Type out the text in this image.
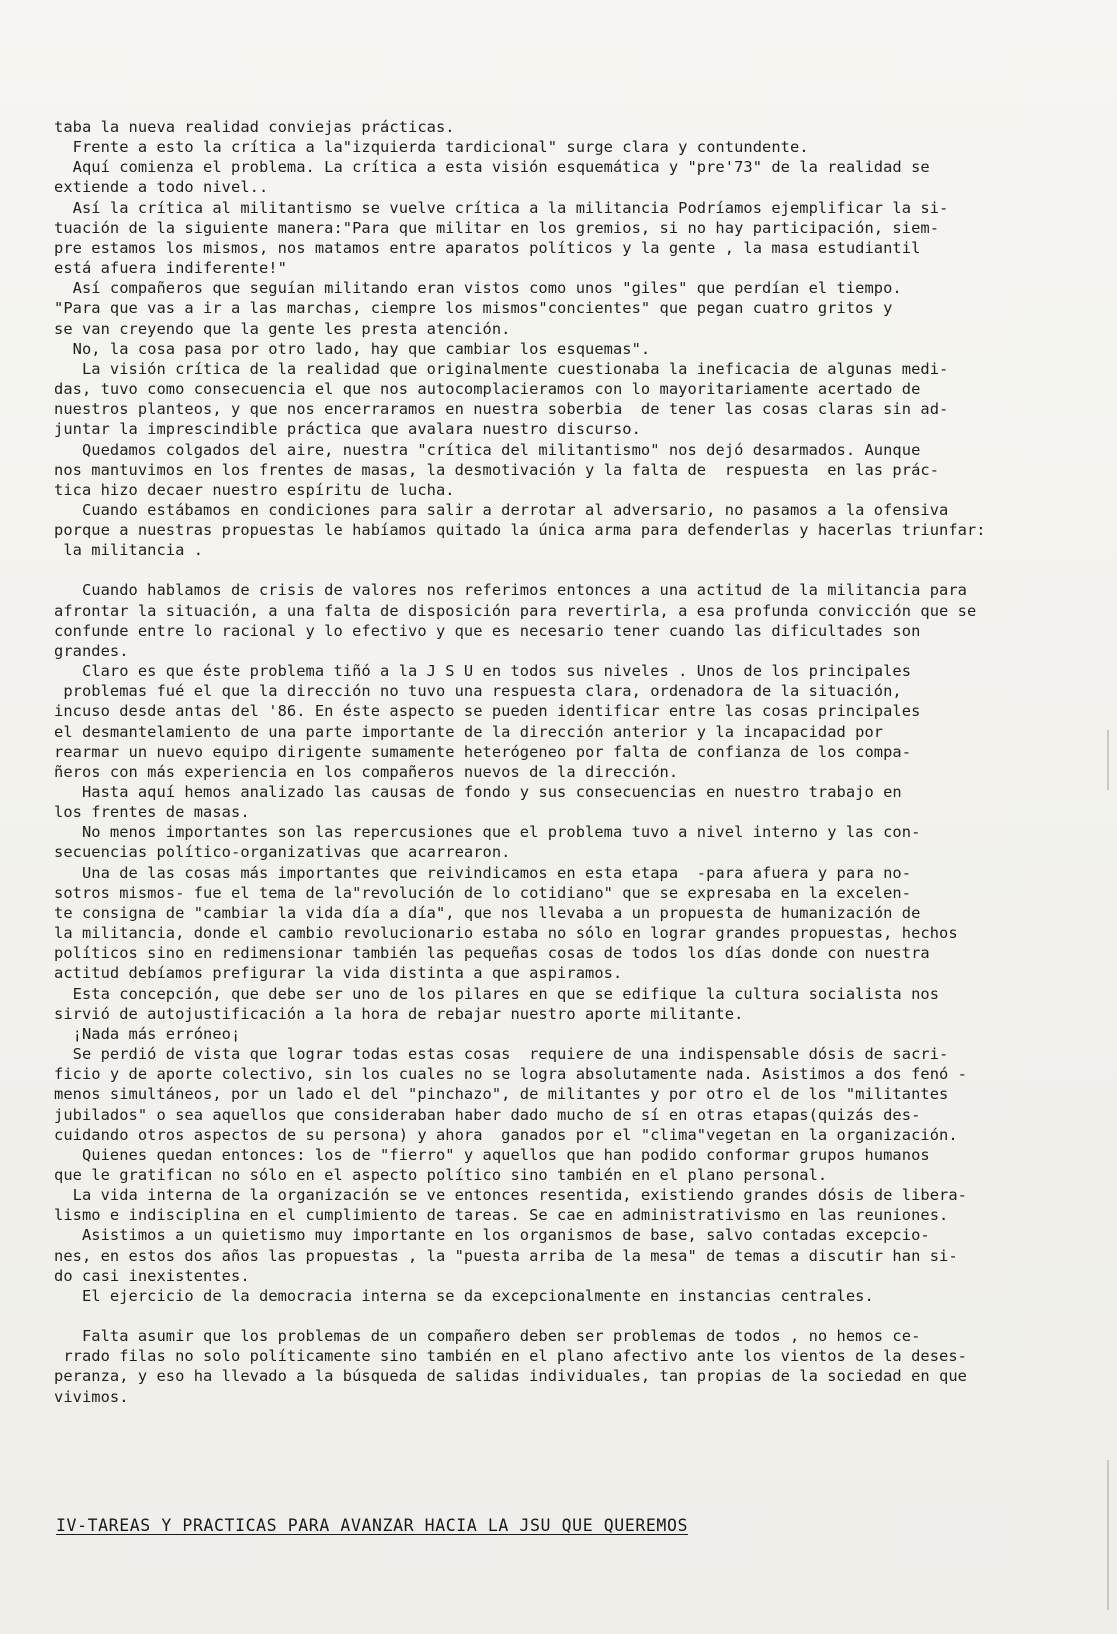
taba la nueva realidad conviejas prácticas.
Frente a esto la crítica a la"izquierda tardicional" surge clara y contundente.
Aquí comienza el problema. La crítica a esta visión esquemática y "pre'73" de la realidad se
extiende a todo nivel..
Así la crítica al militantismo se vuelve crítica a la militancia Podríamos ejemplificar la si-
tuación de la siguiente manera:"Para que militar en los gremios, si no hay participación, siem-
pre estamos los mismos, nos matamos entre aparatos políticos y la gente , la masa estudiantil
está afuera indiferente!"
Así compañeros que seguían militando eran vistos como unos "giles" que perdían el tiempo.
"Para que vas a ir a las marchas, ciempre los mismos"concientes" que pegan cuatro gritos y
se van creyendo que la gente les presta atención.
No, la cosa pasa por otro lado, hay que cambiar los esquemas".
La visión crítica de la realidad que originalmente cuestionaba la ineficacia de algunas medi-
das, tuvo como consecuencia el que nos autocomplacieramos con lo mayoritariamente acertado de
nuestros planteos, y que nos encerraramos en nuestra soberbia  de tener las cosas claras sin ad-
juntar la imprescindible práctica que avalara nuestro discurso.
Quedamos colgados del aire, nuestra "crítica del militantismo" nos dejó desarmados. Aunque
nos mantuvimos en los frentes de masas, la desmotivación y la falta de  respuesta  en las prác-
tica hizo decaer nuestro espíritu de lucha.
Cuando estábamos en condiciones para salir a derrotar al adversario, no pasamos a la ofensiva
porque a nuestras propuestas le habíamos quitado la única arma para defenderlas y hacerlas triunfar:
la militancia .
Cuando hablamos de crisis de valores nos referimos entonces a una actitud de la militancia para
afrontar la situación, a una falta de disposición para revertirla, a esa profunda convicción que se
confunde entre lo racional y lo efectivo y que es necesario tener cuando las dificultades son
grandes.
Claro es que éste problema tiñó a la J S U en todos sus niveles . Unos de los principales
problemas fué el que la dirección no tuvo una respuesta clara, ordenadora de la situación,
incuso desde antas del '86. En éste aspecto se pueden identificar entre las cosas principales
el desmantelamiento de una parte importante de la dirección anterior y la incapacidad por
rearmar un nuevo equipo dirigente sumamente heterógeneo por falta de confianza de los compa-
ñeros con más experiencia en los compañeros nuevos de la dirección.
Hasta aquí hemos analizado las causas de fondo y sus consecuencias en nuestro trabajo en
los frentes de masas.
No menos importantes son las repercusiones que el problema tuvo a nivel interno y las con-
secuencias político-organizativas que acarrearon.
Una de las cosas más importantes que reivindicamos en esta etapa  -para afuera y para no-
sotros mismos- fue el tema de la"revolución de lo cotidiano" que se expresaba en la excelen-
te consigna de "cambiar la vida día a día", que nos llevaba a un propuesta de humanización de
la militancia, donde el cambio revolucionario estaba no sólo en lograr grandes propuestas, hechos
políticos sino en redimensionar también las pequeñas cosas de todos los días donde con nuestra
actitud debíamos prefigurar la vida distinta a que aspiramos.
Esta concepción, que debe ser uno de los pilares en que se edifique la cultura socialista nos
sirvió de autojustificación a la hora de rebajar nuestro aporte militante.
¡Nada más erróneo¡
Se perdió de vista que lograr todas estas cosas  requiere de una indispensable dósis de sacri-
ficio y de aporte colectivo, sin los cuales no se logra absolutamente nada. Asistimos a dos fenó -
menos simultáneos, por un lado el del "pinchazo", de militantes y por otro el de los "militantes
jubilados" o sea aquellos que consideraban haber dado mucho de sí en otras etapas(quizás des-
cuidando otros aspectos de su persona) y ahora  ganados por el "clima"vegetan en la organización.
Quienes quedan entonces: los de "fierro" y aquellos que han podido conformar grupos humanos
que le gratifican no sólo en el aspecto político sino también en el plano personal.
La vida interna de la organización se ve entonces resentida, existiendo grandes dósis de libera-
lismo e indisciplina en el cumplimiento de tareas. Se cae en administrativismo en las reuniones.
Asistimos a un quietismo muy importante en los organismos de base, salvo contadas excepcio-
nes, en estos dos años las propuestas , la "puesta arriba de la mesa" de temas a discutir han si-
do casi inexistentes.
El ejercicio de la democracia interna se da excepcionalmente en instancias centrales.
Falta asumir que los problemas de un compañero deben ser problemas de todos , no hemos ce-
rrado filas no solo políticamente sino también en el plano afectivo ante los vientos de la deses-
peranza, y eso ha llevado a la búsqueda de salidas individuales, tan propias de la sociedad en que
vivimos.
IV-TAREAS Y PRACTICAS PARA AVANZAR HACIA LA JSU QUE QUEREMOS
